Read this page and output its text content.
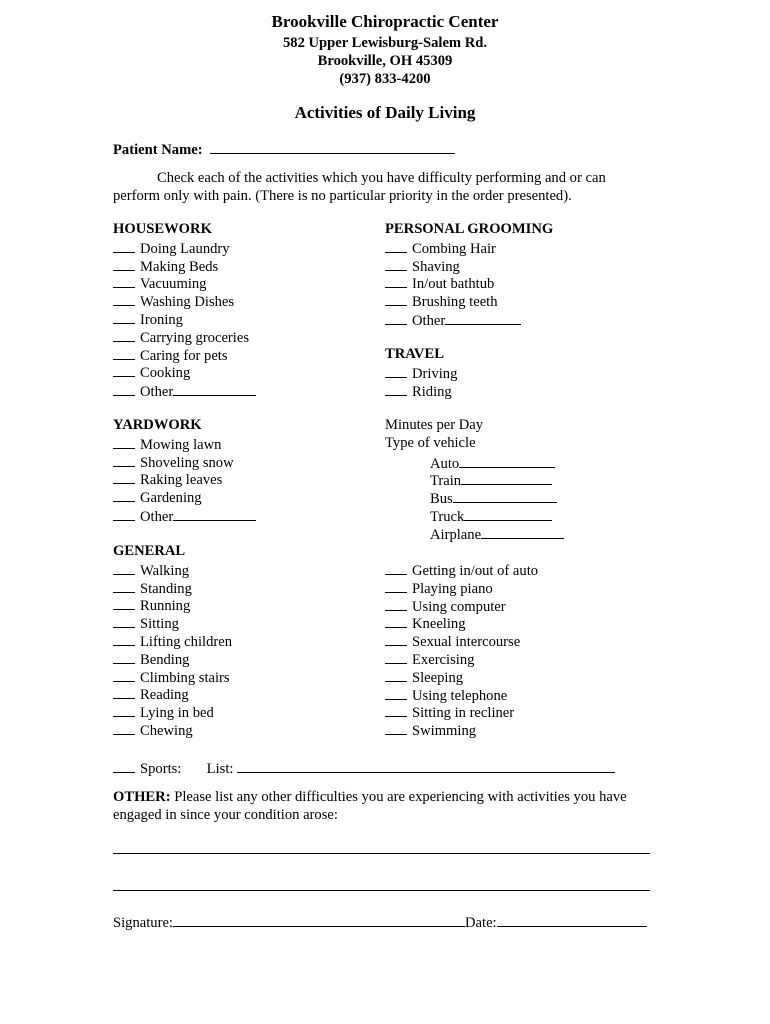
Brookville Chiropractic Center
582 Upper Lewisburg-Salem Rd.
Brookville, OH 45309
(937) 833-4200
Activities of Daily Living
Patient Name:
Check each of the activities which you have difficulty performing and or can
perform only with pain. (There is no particular priority in the order presented).
HOUSEWORK
Doing Laundry
Making Beds
Vacuuming
Washing Dishes
Ironing
Carrying groceries
Caring for pets
Cooking
Other
PERSONAL GROOMING
Combing Hair
Shaving
In/out bathtub
Brushing teeth
Other
TRAVEL
Driving
Riding
YARDWORK
Mowing lawn
Shoveling snow
Raking leaves
Gardening
Other
Minutes per Day
Type of vehicle
Auto
Train
Bus
Truck
Airplane
GENERAL
Walking
Standing
Running
Sitting
Lifting children
Bending
Climbing stairs
Reading
Lying in bed
Chewing
Getting in/out of auto
Playing piano
Using computer
Kneeling
Sexual intercourse
Exercising
Sleeping
Using telephone
Sitting in recliner
Swimming
Sports: List:
OTHER: Please list any other difficulties you are experiencing with activities you have
engaged in since your condition arose:
Signature:	Date:
